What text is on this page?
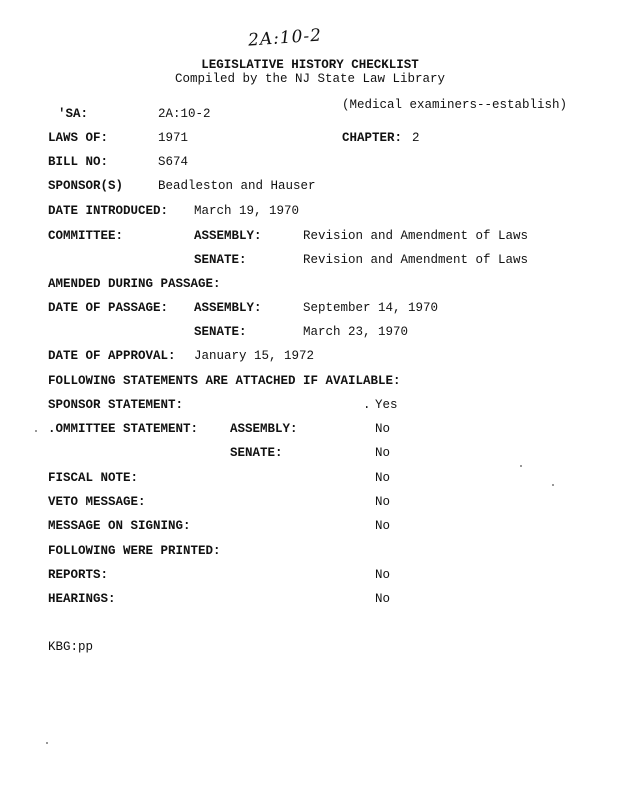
2A:10-2
LEGISLATIVE HISTORY CHECKLIST
Compiled by the NJ State Law Library
(Medical examiners--establish)
'SA:	2A:10-2
LAWS OF:	1971	CHAPTER: 2
BILL NO:	S674
SPONSOR(S)	Beadleston and Hauser
DATE INTRODUCED: March 19, 1970
COMMITTEE:	ASSEMBLY:	Revision and Amendment of Laws
SENATE:	Revision and Amendment of Laws
AMENDED DURING PASSAGE:
DATE OF PASSAGE: ASSEMBLY:	September 14, 1970
SENATE:	March 23, 1970
DATE OF APPROVAL: January 15, 1972
FOLLOWING STATEMENTS ARE ATTACHED IF AVAILABLE:
SPONSOR STATEMENT:	. Yes
.OMMITTEE STATEMENT:	ASSEMBLY:	No
SENATE:	No
FISCAL NOTE:	No
VETO MESSAGE:	No
MESSAGE ON SIGNING:	No
FOLLOWING WERE PRINTED:
REPORTS:	No
HEARINGS:	No
KBG:pp
